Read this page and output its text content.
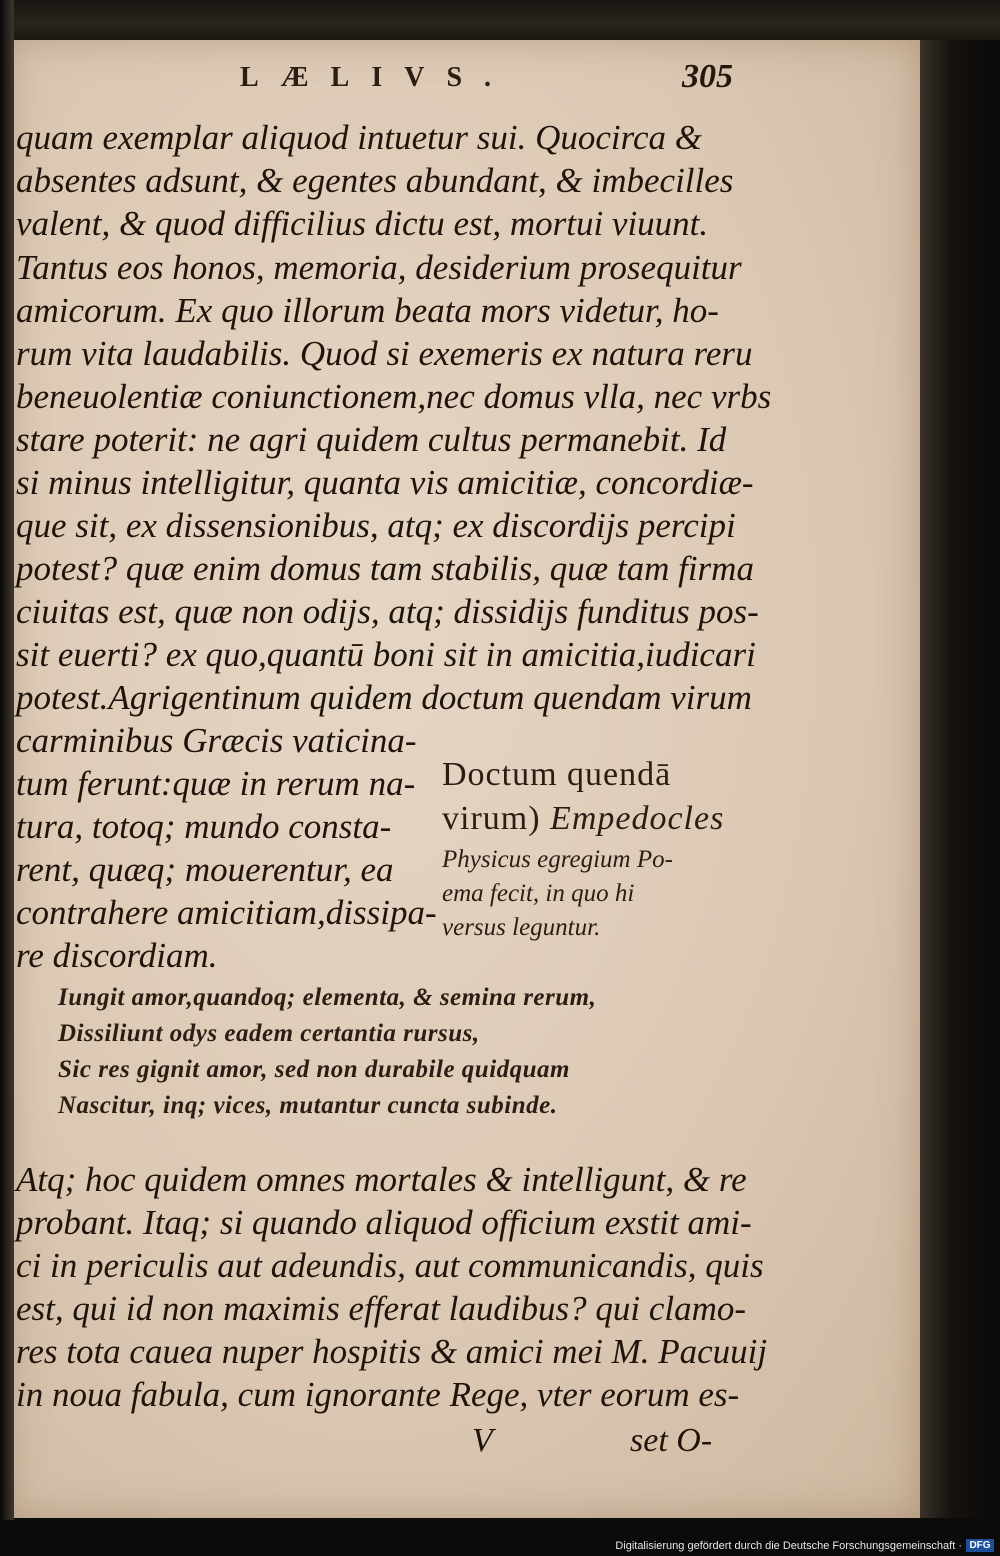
LÆLIVS.	305
quam exemplar aliquod intuetur sui. Quocirca &
absentes adsunt, & egentes abundant, & imbecilles
valent, & quod difficilius dictu est, mortui viuunt.
Tantus eos honos, memoria, desiderium prosequitur
amicorum. Ex quo illorum beata mors videtur, ho-
rum vita laudabilis. Quod si exemeris ex natura reru
beneuolentiæ coniunctionem,nec domus vlla, nec vrbs
stare poterit: ne agri quidem cultus permanebit. Id
si minus intelligitur, quanta vis amicitiæ, concordiæ-
que sit, ex dissensionibus, atq; ex discordijs percipi
potest? quæ enim domus tam stabilis, quæ tam firma
ciuitas est, quæ non odijs, atq; dissidijs funditus pos-
sit euerti? ex quo,quantū boni sit in amicitia,iudicari
potest.Agrigentinum quidem doctum quendam virum
carminibus Græcis vaticina-
tum ferunt:quæ in rerum na-
tura, totoq; mundo consta-
rent, quæq; mouerentur, ea
contrahere amicitiam,dissipa-
re discordiam.
Doctum quendā
virum) Empedocles
Physicus egregium Po-
ema fecit, in quo hi
versus leguntur.
Iungit amor,quandoq; elementa, & semina rerum,
Dissiliunt odys eadem certantia rursus,
Sic res gignit amor, sed non durabile quidquam
Nascitur, inq; vices, mutantur cuncta subinde.
Atq; hoc quidem omnes mortales & intelligunt, & re
probant. Itaq; si quando aliquod officium exstit ami-
ci in periculis aut adeundis, aut communicandis, quis
est, qui id non maximis efferat laudibus? qui clamo-
res tota cauea nuper hospitis & amici mei M. Pacuuij
in noua fabula, cum ignorante Rege, vter eorum es-
V	set O-
Digitalisierung gefördert durch die Deutsche Forschungsgemeinschaft · DFG
